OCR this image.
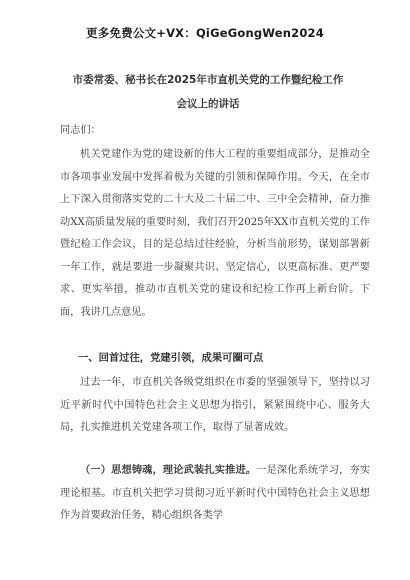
更多免费公文+VX：QiGeGongWen2024
市委常委、秘书长在2025年市直机关党的工作暨纪检工作
会议上的讲话
同志们：
机关党建作为党的建设新的伟大工程的重要组成部分，是推动全市各项事业发展中发挥着极为关键的引领和保障作用。今天，在全市上下深入贯彻落实党的二十大及二十届二中、三中全会精神，奋力推动XX高质量发展的重要时刻，我们召开2025年XX市直机关党的工作暨纪检工作会议，目的是总结过往经验，分析当前形势，谋划部署新一年工作，就是要进一步凝聚共识、坚定信心，以更高标准、更严要求、更实举措，推动市直机关党的建设和纪检工作再上新台阶。下面，我讲几点意见。
一、回首过往，党建引领，成果可圈可点
过去一年，市直机关各级党组织在市委的坚强领导下，坚持以习近平新时代中国特色社会主义思想为指引，紧紧围绕中心、服务大局，扎实推进机关党建各项工作，取得了显著成效。
（一）思想铸魂，理论武装扎实推进。一是深化系统学习，夯实理论根基。市直机关把学习贯彻习近平新时代中国特色社会主义思想作为首要政治任务，精心组织各类学
